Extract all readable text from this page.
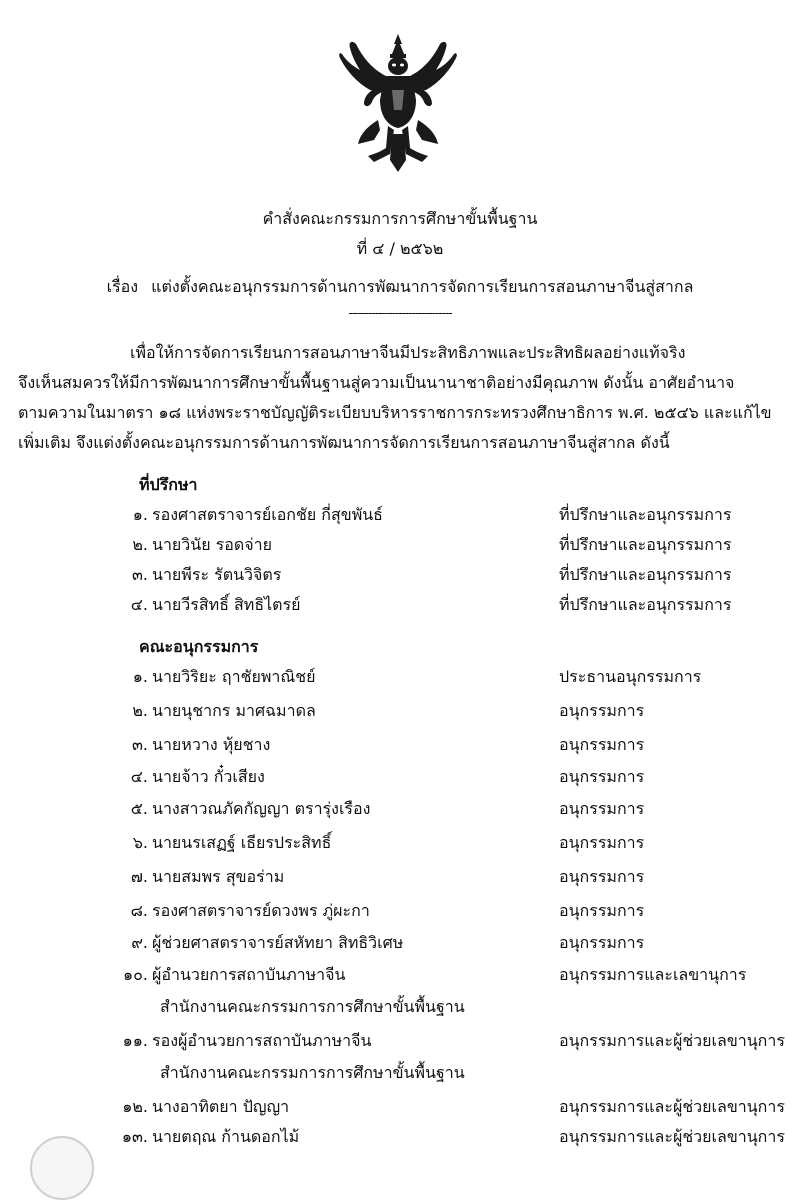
คำสั่งคณะกรรมการการศึกษาขั้นพื้นฐาน
ที่ ๔ / ๒๕๖๒
เรื่อง แต่งตั้งคณะอนุกรรมการด้านการพัฒนาการจัดการเรียนการสอนภาษาจีนสู่สากล
-------------------------------
เพื่อให้การจัดการเรียนการสอนภาษาจีนมีประสิทธิภาพและประสิทธิผลอย่างแท้จริง
จึงเห็นสมควรให้มีการพัฒนาการศึกษาขั้นพื้นฐานสู่ความเป็นนานาชาติอย่างมีคุณภาพ ดังนั้น อาศัยอำนาจ
ตามความในมาตรา ๑๘ แห่งพระราชบัญญัติระเบียบบริหารราชการกระทรวงศึกษาธิการ พ.ศ. ๒๕๔๖ และแก้ไข
เพิ่มเติม จึงแต่งตั้งคณะอนุกรรมการด้านการพัฒนาการจัดการเรียนการสอนภาษาจีนสู่สากล ดังนี้
ที่ปรึกษา
๑. รองศาสตราจารย์เอกชัย กี่สุขพันธ์	ที่ปรึกษาและอนุกรรมการ
๒. นายวินัย รอดจ่าย	ที่ปรึกษาและอนุกรรมการ
๓. นายพีระ รัตนวิจิตร	ที่ปรึกษาและอนุกรรมการ
๔. นายวีรสิทธิ์ สิทธิไตรย์	ที่ปรึกษาและอนุกรรมการ
คณะอนุกรรมการ
๑. นายวิริยะ ฤาชัยพาณิชย์	ประธานอนุกรรมการ
๒. นายนุชากร มาศฉมาดล	อนุกรรมการ
๓. นายหวาง หุ้ยชาง	อนุกรรมการ
๔. นายจ้าว กั๋วเสียง	อนุกรรมการ
๕. นางสาวณภัคกัญญา ตรารุ่งเรือง	อนุกรรมการ
๖. นายนรเสฏฐ์ เธียรประสิทธิ์	อนุกรรมการ
๗. นายสมพร สุขอร่าม	อนุกรรมการ
๘. รองศาสตราจารย์ดวงพร ภู่ผะกา	อนุกรรมการ
๙. ผู้ช่วยศาสตราจารย์สหัทยา สิทธิวิเศษ	อนุกรรมการ
๑๐. ผู้อำนวยการสถาบันภาษาจีน	อนุกรรมการและเลขานุการ
สำนักงานคณะกรรมการการศึกษาขั้นพื้นฐาน
๑๑. รองผู้อำนวยการสถาบันภาษาจีน	อนุกรรมการและผู้ช่วยเลขานุการ
สำนักงานคณะกรรมการการศึกษาขั้นพื้นฐาน
๑๒. นางอาทิตยา ปัญญา	อนุกรรมการและผู้ช่วยเลขานุการ
๑๓. นายตฤณ ก้านดอกไม้	อนุกรรมการและผู้ช่วยเลขานุการ
